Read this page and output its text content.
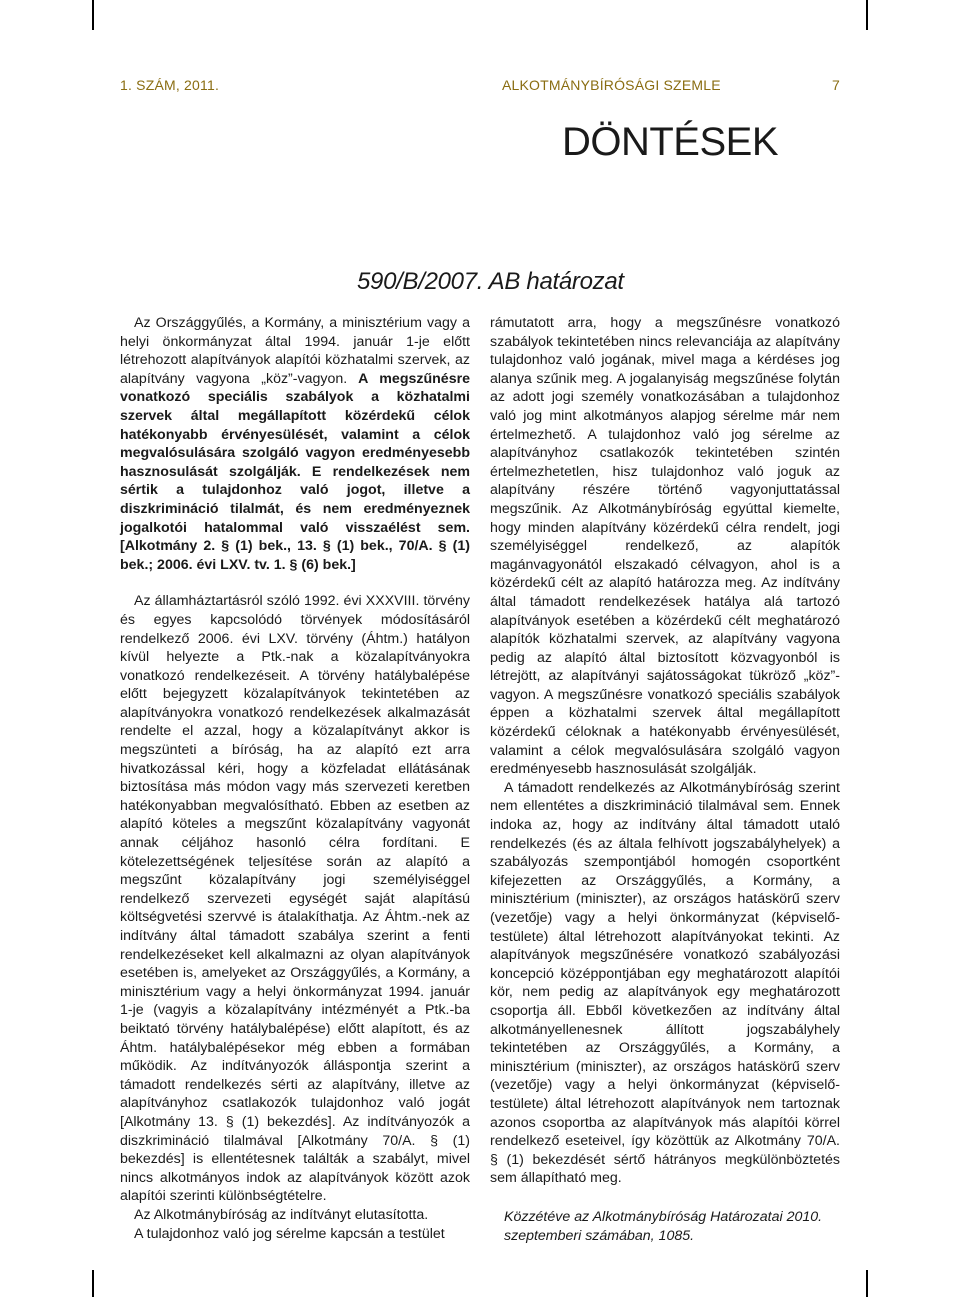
1. SZÁM, 2011.	ALKOTMÁNYBÍRÓSÁGI SZEMLE	7
DÖNTÉSEK
590/B/2007. AB határozat

Az Országgyűlés, a Kormány, a minisztérium vagy a helyi önkormányzat által 1994. január 1-je előtt létrehozott alapítványok alapítói közhatalmi szervek, az alapítvány vagyona „köz”-vagyon. A megszűnésre vonatkozó speciális szabályok a közhatalmi szervek által megállapított közérdekű célok hatékonyabb érvényesülését, valamint a célok megvalósulására szolgáló vagyon eredményesebb hasznosulását szolgálják. E rendelkezések nem sértik a tulajdonhoz való jogot, illetve a diszkrimináció tilalmát, és nem eredményeznek jogalkotói hatalommal való visszaélést sem. [Alkotmány 2. § (1) bek., 13. § (1) bek., 70/A. § (1) bek.; 2006. évi LXV. tv. 1. § (6) bek.]

Az államháztartásról szóló 1992. évi XXXVIII. törvény és egyes kapcsolódó törvények módosításáról rendelkező 2006. évi LXV. törvény (Áhtm.) hatályon kívül helyezte a Ptk.-nak a közalapítványokra vonatkozó rendelkezéseit. A törvény hatálybalépése előtt bejegyzett közalapítványok tekintetében az alapítványokra vonatkozó rendelkezések alkalmazását rendelte el azzal, hogy a közalapítványt akkor is megszünteti a bíróság, ha az alapító ezt arra hivatkozással kéri, hogy a közfeladat ellátásának biztosítása más módon vagy más szervezeti keretben hatékonyabban megvalósítható. Ebben az esetben az alapító köteles a megszűnt közalapítvány vagyonát annak céljához hasonló célra fordítani. E kötelezettségének teljesítése során az alapító a megszűnt közalapítvány jogi személyiséggel rendelkező szervezeti egységét saját alapítású költségvetési szervvé is átalakíthatja. Az Áhtm.-nek az indítvány által támadott szabálya szerint a fenti rendelkezéseket kell alkalmazni az olyan alapítványok esetében is, amelyeket az Országgyűlés, a Kormány, a minisztérium vagy a helyi önkormányzat 1994. január 1-je (vagyis a közalapítvány intézményét a Ptk.-ba beiktató törvény hatálybalépése) előtt alapított, és az Áhtm. hatálybalépésekor még ebben a formában működik. Az indítványozók álláspontja szerint a támadott rendelkezés sérti az alapítvány, illetve az alapítványhoz csatlakozók tulajdonhoz való jogát [Alkotmány 13. § (1) bekezdés]. Az indítványozók a diszkrimináció tilalmával [Alkotmány 70/A. § (1) bekezdés] is ellentétesnek találták a szabályt, mivel nincs alkotmányos indok az alapítványok között azok alapítói szerinti különbségtételre.

Az Alkotmánybíróság az indítványt elutasította.

A tulajdonhoz való jog sérelme kapcsán a testület

rámutatott arra, hogy a megszűnésre vonatkozó szabályok tekintetében nincs relevanciája az alapítvány tulajdonhoz való jogának, mivel maga a kérdéses jog alanya szűnik meg. A jogalanyiság megszűnése folytán az adott jogi személy vonatkozásában a tulajdonhoz való jog mint alkotmányos alapjog sérelme már nem értelmezhető. A tulajdonhoz való jog sérelme az alapítványhoz csatlakozók tekintetében szintén értelmezhetetlen, hisz tulajdonhoz való joguk az alapítvány részére történő vagyonjuttatással megszűnik. Az Alkotmánybíróság egyúttal kiemelte, hogy minden alapítvány közérdekű célra rendelt, jogi személyiséggel rendelkező, az alapítók magánvagyonától elszakadó célvagyon, ahol is a közérdekű célt az alapító határozza meg. Az indítvány által támadott rendelkezések hatálya alá tartozó alapítványok esetében a közérdekű célt meghatározó alapítók közhatalmi szervek, az alapítvány vagyona pedig az alapító által biztosított közvagyonból is létrejött, az alapítványi sajátosságokat tükröző „köz”-vagyon. A megszűnésre vonatkozó speciális szabályok éppen a közhatalmi szervek által megállapított közérdekű céloknak a hatékonyabb érvényesülését, valamint a célok megvalósulására szolgáló vagyon eredményesebb hasznosulását szolgálják.

A támadott rendelkezés az Alkotmánybíróság szerint nem ellentétes a diszkrimináció tilalmával sem. Ennek indoka az, hogy az indítvány által támadott utaló rendelkezés (és az általa felhívott jogszabályhelyek) a szabályozás szempontjából homogén csoportként kifejezetten az Országgyűlés, a Kormány, a minisztérium (miniszter), az országos hatáskörű szerv (vezetője) vagy a helyi önkormányzat (képviselő-testülete) által létrehozott alapítványokat tekinti. Az alapítványok megszűnésére vonatkozó szabályozási koncepció középpontjában egy meghatározott alapítói kör, nem pedig az alapítványok egy meghatározott csoportja áll. Ebből következően az indítvány által alkotmányellenesnek állított jogszabályhely tekintetében az Országgyűlés, a Kormány, a minisztérium (miniszter), az országos hatáskörű szerv (vezetője) vagy a helyi önkormányzat (képviselő-testülete) által létrehozott alapítványok nem tartoznak azonos csoportba az alapítványok más alapítói körrel rendelkező eseteivel, így közöttük az Alkotmány 70/A. § (1) bekezdését sértő hátrányos megkülönböztetés sem állapítható meg.

Közzétéve az Alkotmánybíróság Határozatai 2010.
szeptemberi számában, 1085.
